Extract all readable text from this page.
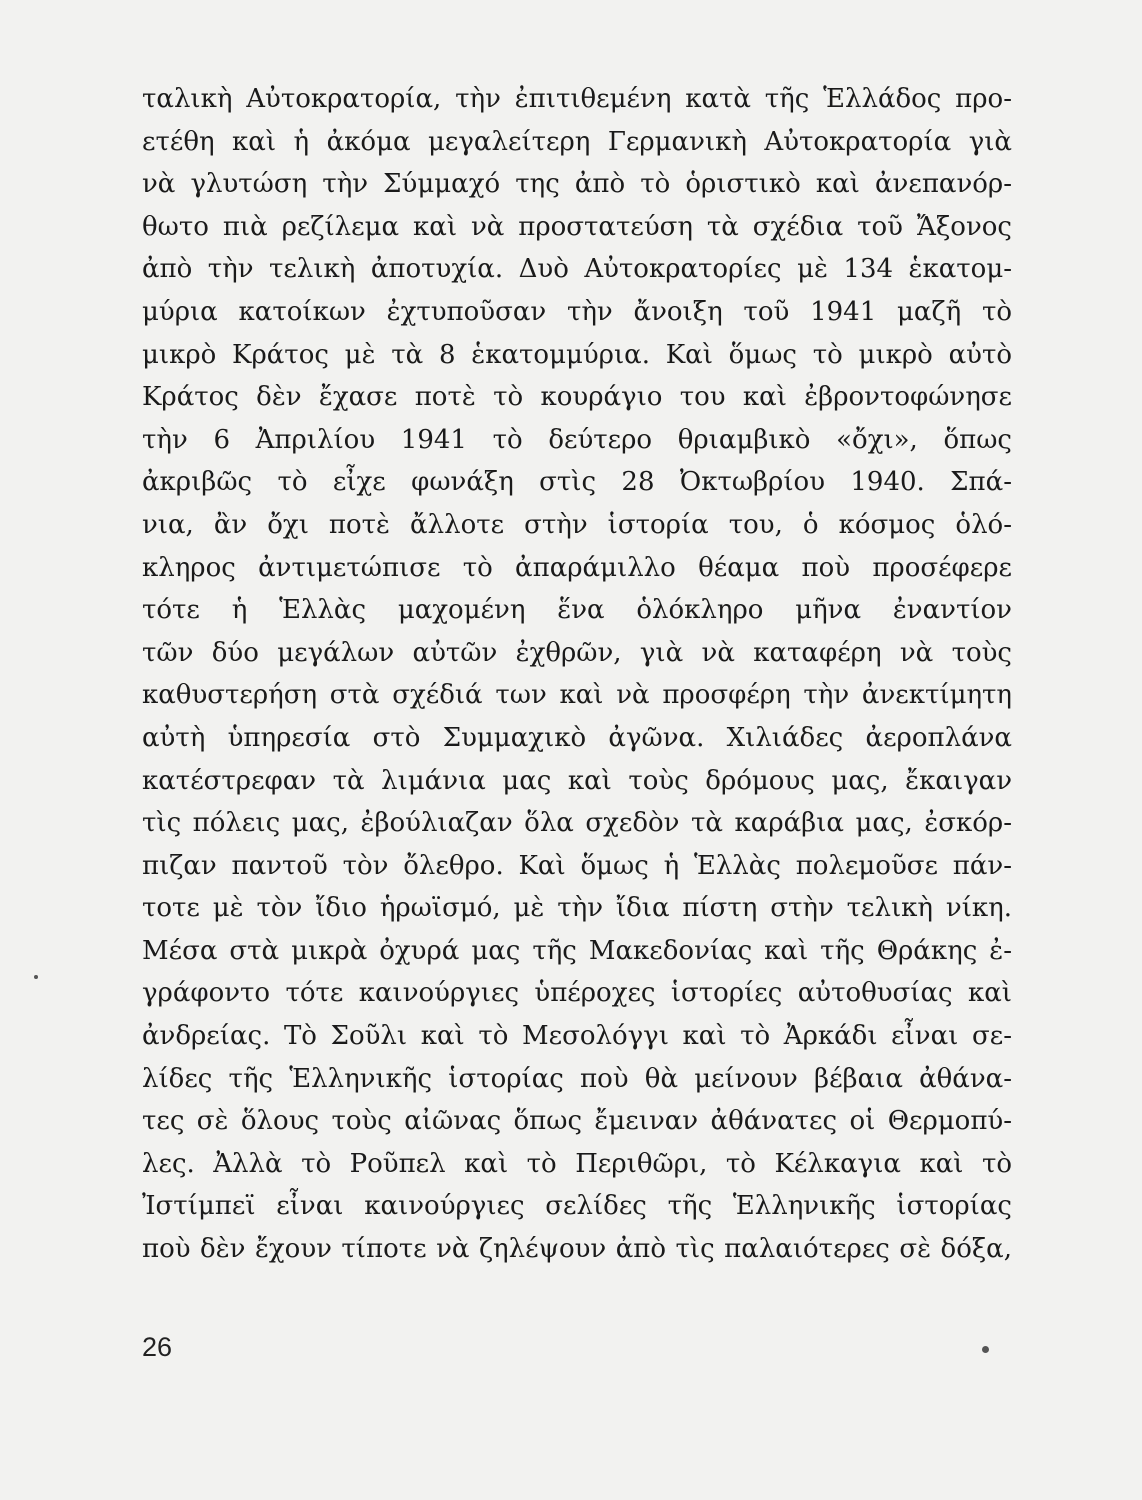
ταλικὴ Αὐτοκρατορία, τὴν ἐπιτιθεμένη κατὰ τῆς Ἑλλάδος προ-
ετέθη καὶ ἡ ἀκόμα μεγαλείτερη Γερμανικὴ Αὐτοκρατορία γιὰ
νὰ γλυτώση τὴν Σύμμαχό της ἀπὸ τὸ ὁριστικὸ καὶ ἀνεπανόρ-
θωτο πιὰ ρεζίλεμα καὶ νὰ προστατεύση τὰ σχέδια τοῦ Ἄξονος
ἀπὸ τὴν τελικὴ ἀποτυχία. Δυὸ Αὐτοκρατορίες μὲ 134 ἑκατομ-
μύρια κατοίκων ἐχτυποῦσαν τὴν ἄνοιξη τοῦ 1941 μαζῆ τὸ
μικρὸ Κράτος μὲ τὰ 8 ἑκατομμύρια. Καὶ ὅμως τὸ μικρὸ αὐτὸ
Κράτος δὲν ἔχασε ποτὲ τὸ κουράγιο του καὶ ἐβροντοφώνησε
τὴν 6 Ἀπριλίου 1941 τὸ δεύτερο θριαμβικὸ «ὄχι», ὅπως
ἀκριβῶς τὸ εἶχε φωνάξη στὶς 28 Ὀκτωβρίου 1940. Σπά-
νια, ἂν ὄχι ποτὲ ἄλλοτε στὴν ἱστορία του, ὁ κόσμος ὁλό-
κληρος ἀντιμετώπισε τὸ ἀπαράμιλλο θέαμα ποὺ προσέφερε
τότε ἡ Ἑλλὰς μαχομένη ἕνα ὁλόκληρο μῆνα ἐναντίον
τῶν δύο μεγάλων αὐτῶν ἐχθρῶν, γιὰ νὰ καταφέρη νὰ τοὺς
καθυστερήση στὰ σχέδιά των καὶ νὰ προσφέρη τὴν ἀνεκτίμητη
αὐτὴ ὑπηρεσία στὸ Συμμαχικὸ ἀγῶνα. Χιλιάδες ἀεροπλάνα
κατέστρεφαν τὰ λιμάνια μας καὶ τοὺς δρόμους μας, ἔκαιγαν
τὶς πόλεις μας, ἐβούλιαζαν ὅλα σχεδὸν τὰ καράβια μας, ἐσκόρ-
πιζαν παντοῦ τὸν ὄλεθρο. Καὶ ὅμως ἡ Ἑλλὰς πολεμοῦσε πάν-
τοτε μὲ τὸν ἴδιο ἡρωϊσμό, μὲ τὴν ἴδια πίστη στὴν τελικὴ νίκη.
Μέσα στὰ μικρὰ ὀχυρά μας τῆς Μακεδονίας καὶ τῆς Θράκης ἐ-
γράφοντο τότε καινούργιες ὑπέροχες ἱστορίες αὐτοθυσίας καὶ
ἀνδρείας. Τὸ Σοῦλι καὶ τὸ Μεσολόγγι καὶ τὸ Ἀρκάδι εἶναι σε-
λίδες τῆς Ἑλληνικῆς ἱστορίας ποὺ θὰ μείνουν βέβαια ἀθάνα-
τες σὲ ὅλους τοὺς αἰῶνας ὅπως ἔμειναν ἀθάνατες οἱ Θερμοπύ-
λες. Ἀλλὰ τὸ Ροῦπελ καὶ τὸ Περιθῶρι, τὸ Κέλκαγια καὶ τὸ
Ἰστίμπεϊ εἶναι καινούργιες σελίδες τῆς Ἑλληνικῆς ἱστορίας
ποὺ δὲν ἔχουν τίποτε νὰ ζηλέψουν ἀπὸ τὶς παλαιότερες σὲ δόξα,
26
